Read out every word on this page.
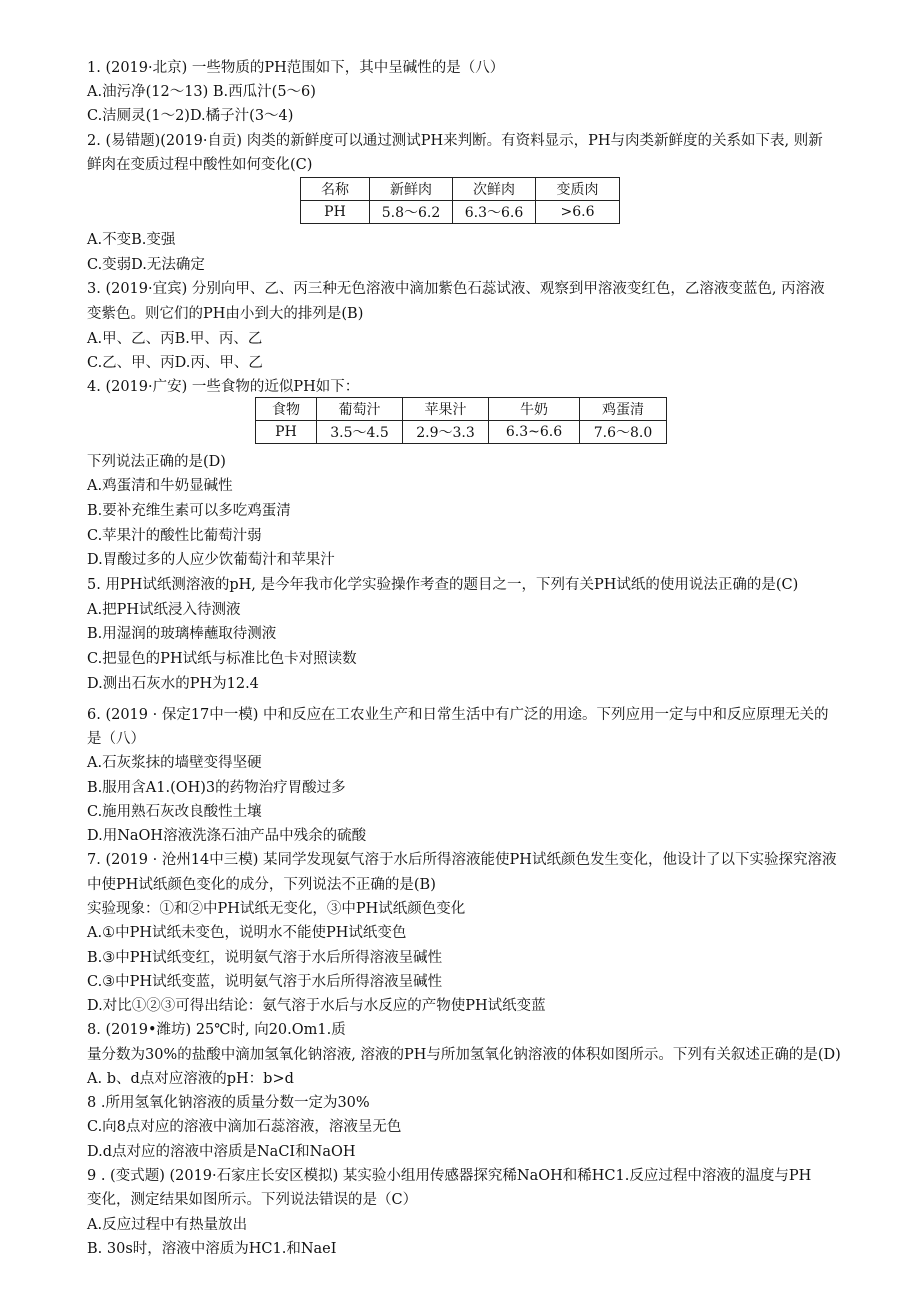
1. (2019·北京) 一些物质的PH范围如下，其中呈碱性的是（八）
A.油污净(12～13) B.西瓜汁(5～6)
C.洁厕灵(1～2)D.橘子汁(3～4)
2. (易错题)(2019·自贡) 肉类的新鲜度可以通过测试PH来判断。有资料显示，PH与肉类新鲜度的关系如下表, 则新
鲜肉在变质过程中酸性如何变化(C)
名称	新鲜肉	次鲜肉	变质肉
PH	5.8～6.2	6.3～6.6	>6.6
A.不变B.变强
C.变弱D.无法确定
3. (2019·宜宾) 分别向甲、乙、丙三种无色溶液中滴加紫色石蕊试液、观察到甲溶液变红色，乙溶液变蓝色, 丙溶液
变紫色。则它们的PH由小到大的排列是(B)
A.甲、乙、丙B.甲、丙、乙
C.乙、甲、丙D.丙、甲、乙
4. (2019·广安) 一些食物的近似PH如下：
食物	葡萄汁	苹果汁	牛奶	鸡蛋清
PH	3.5～4.5	2.9～3.3	6.3~6.6	7.6～8.0
下列说法正确的是(D)
A.鸡蛋清和牛奶显碱性
B.要补充维生素可以多吃鸡蛋清
C.苹果汁的酸性比葡萄汁弱
D.胃酸过多的人应少饮葡萄汁和苹果汁
5. 用PH试纸测溶液的pH, 是今年我市化学实验操作考查的题目之一，下列有关PH试纸的使用说法正确的是(C)
A.把PH试纸浸入待测液
B.用湿润的玻璃棒蘸取待测液
C.把显色的PH试纸与标准比色卡对照读数
D.测出石灰水的PH为12.4
6. (2019 · 保定17中一模) 中和反应在工农业生产和日常生活中有广泛的用途。下列应用一定与中和反应原理无关的
是（八）
A.石灰浆抹的墙壁变得坚硬
B.服用含A1.(OH)3的药物治疗胃酸过多
C.施用熟石灰改良酸性土壤
D.用NaOH溶液洗涤石油产品中残余的硫酸
7. (2019 · 沧州14中三模) 某同学发现氨气溶于水后所得溶液能使PH试纸颜色发生变化，他设计了以下实验探究溶液
中使PH试纸颜色变化的成分，下列说法不正确的是(B)
实验现象：①和②中PH试纸无变化，③中PH试纸颜色变化
A.①中PH试纸未变色，说明水不能使PH试纸变色
B.③中PH试纸变红，说明氨气溶于水后所得溶液呈碱性
C.③中PH试纸变蓝，说明氨气溶于水后所得溶液呈碱性
D.对比①②③可得出结论：氨气溶于水后与水反应的产物使PH试纸变蓝
8. (2019•潍坊) 25℃时, 向20.Om1.质
量分数为30%的盐酸中滴加氢氧化钠溶液, 溶液的PH与所加氢氧化钠溶液的体积如图所示。下列有关叙述正确的是(D)
A. b、d点对应溶液的pH：b>d
8 .所用氢氧化钠溶液的质量分数一定为30%
C.向8点对应的溶液中滴加石蕊溶液，溶液呈无色
D.d点对应的溶液中溶质是NaCI和NaOH
9 . (变式题) (2019·石家庄长安区模拟) 某实验小组用传感器探究稀NaOH和稀HC1.反应过程中溶液的温度与PH
变化，测定结果如图所示。下列说法错误的是（C）
A.反应过程中有热量放出
B. 30s时，溶液中溶质为HC1.和NaeI
